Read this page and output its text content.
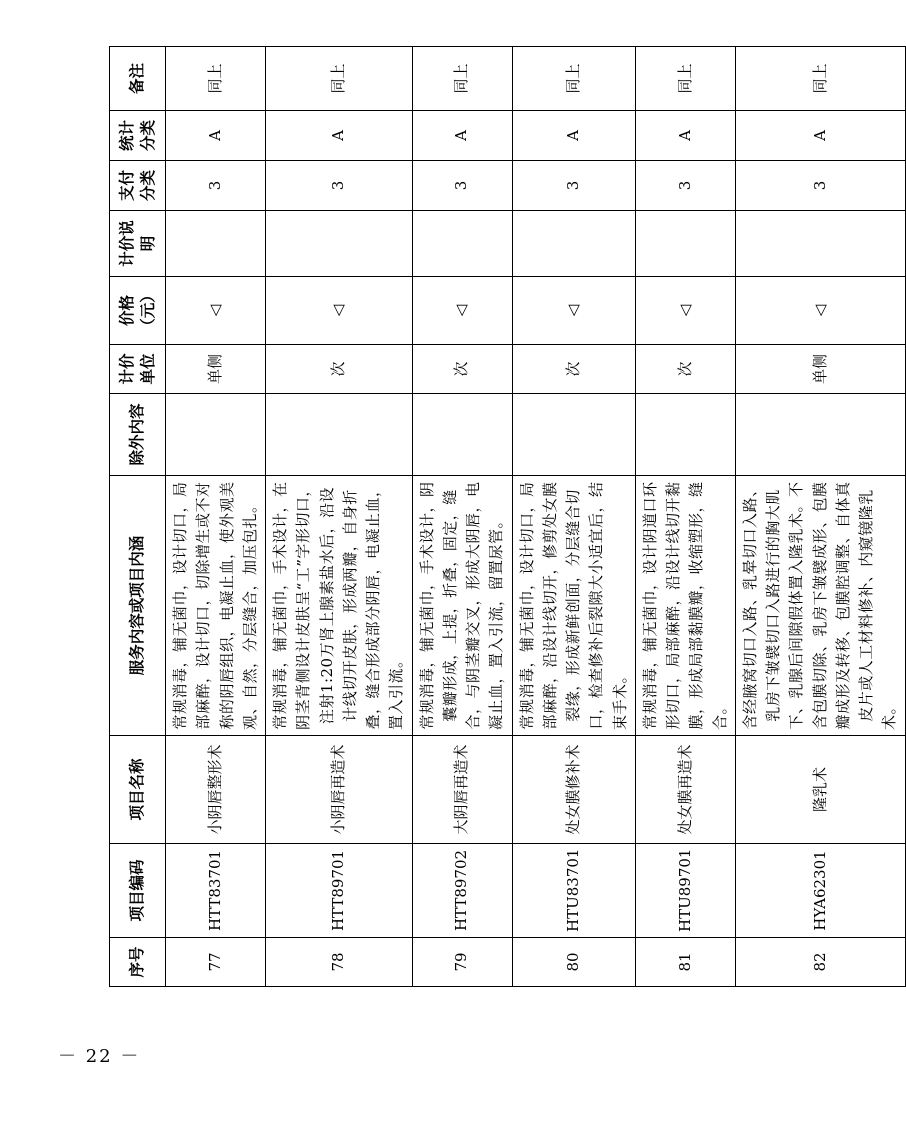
序号	项目编码	项目名称	服务内容或项目内涵	除外内容	计价单位	价格（元）	计价说明	支付分类	统计分类	备注
77	HTT83701	小阴唇整形术	常规消毒，铺无菌巾，设计切口，局部麻醉，设计切口，切除增生或不对称的阴唇组织，电凝止血，使外观美观、自然，分层缝合，加压包扎。		单侧	◁		3	A	同上
78	HTT89701	小阴唇再造术	常规消毒，铺无菌巾，手术设计，在阴茎背侧设计皮肤呈“工”字形切口，注射1:20万肾上腺素盐水后，沿设计线切开皮肤，形成两瓣，自身折叠，缝合形成部分阴唇，电凝止血，置入引流。		次	◁		3	A	同上
79	HTT89702	大阴唇再造术	常规消毒，铺无菌巾，手术设计，阴囊瓣形成，上提，折叠，固定，缝合，与阴茎瓣交叉，形成大阴唇，电凝止血，置入引流，留置尿管。		次	◁		3	A	同上
80	HTU83701	处女膜修补术	常规消毒，铺无菌巾，设计切口，局部麻醉，沿设计线切开，修剪处女膜裂缘，形成新鲜创面，分层缝合切口，检查修补后裂隙大小适宜后，结束手术。		次	◁		3	A	同上
81	HTU89701	处女膜再造术	常规消毒，铺无菌巾，设计阴道口环形切口，局部麻醉，沿设计线切开黏膜，形成局部黏膜瓣，收缩塑形，缝合。		次	◁		3	A	同上
82	HYA62301	隆乳术	含经腋窝切口入路、乳晕切口入路、乳房下皱襞切口入路进行的胸大肌下、乳腺后间隙假体置入隆乳术。不含包膜切除、乳房下皱襞成形、包膜瓣成形及转移、包膜腔调整、自体真皮片或人工材料修补、内窥镜隆乳术。		单侧	◁		3	A	同上
－ 22 －
